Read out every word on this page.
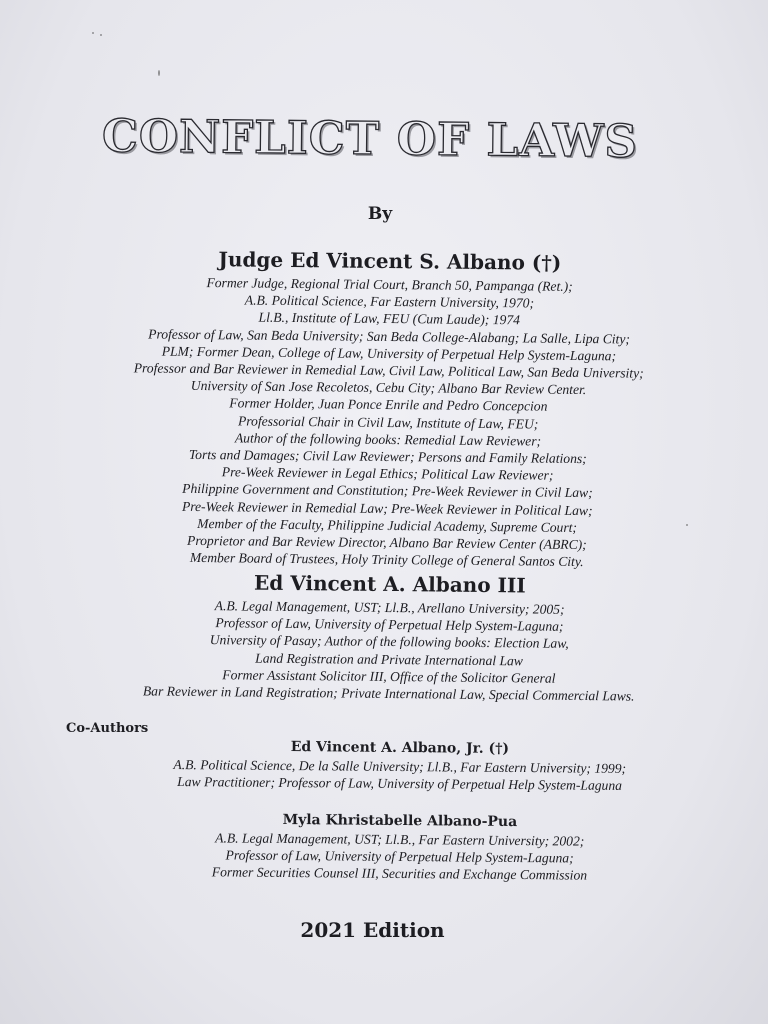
CONFLICT OF LAWS
By
Judge Ed Vincent S. Albano (†)
Former Judge, Regional Trial Court, Branch 50, Pampanga (Ret.);
A.B. Political Science, Far Eastern University, 1970;
Ll.B., Institute of Law, FEU (Cum Laude); 1974
Professor of Law, San Beda University; San Beda College-Alabang; La Salle, Lipa City;
PLM; Former Dean, College of Law, University of Perpetual Help System-Laguna;
Professor and Bar Reviewer in Remedial Law, Civil Law, Political Law, San Beda University;
University of San Jose Recoletos, Cebu City; Albano Bar Review Center.
Former Holder, Juan Ponce Enrile and Pedro Concepcion
Professorial Chair in Civil Law, Institute of Law, FEU;
Author of the following books: Remedial Law Reviewer;
Torts and Damages; Civil Law Reviewer; Persons and Family Relations;
Pre-Week Reviewer in Legal Ethics; Political Law Reviewer;
Philippine Government and Constitution; Pre-Week Reviewer in Civil Law;
Pre-Week Reviewer in Remedial Law; Pre-Week Reviewer in Political Law;
Member of the Faculty, Philippine Judicial Academy, Supreme Court;
Proprietor and Bar Review Director, Albano Bar Review Center (ABRC);
Member Board of Trustees, Holy Trinity College of General Santos City.
Ed Vincent A. Albano III
A.B. Legal Management, UST; Ll.B., Arellano University; 2005;
Professor of Law, University of Perpetual Help System-Laguna;
University of Pasay; Author of the following books: Election Law,
Land Registration and Private International Law
Former Assistant Solicitor III, Office of the Solicitor General
Bar Reviewer in Land Registration; Private International Law, Special Commercial Laws.
Co-Authors
Ed Vincent A. Albano, Jr. (†)
A.B. Political Science, De la Salle University; Ll.B., Far Eastern University; 1999;
Law Practitioner; Professor of Law, University of Perpetual Help System-Laguna
Myla Khristabelle Albano-Pua
A.B. Legal Management, UST; Ll.B., Far Eastern University; 2002;
Professor of Law, University of Perpetual Help System-Laguna;
Former Securities Counsel III, Securities and Exchange Commission
2021 Edition
